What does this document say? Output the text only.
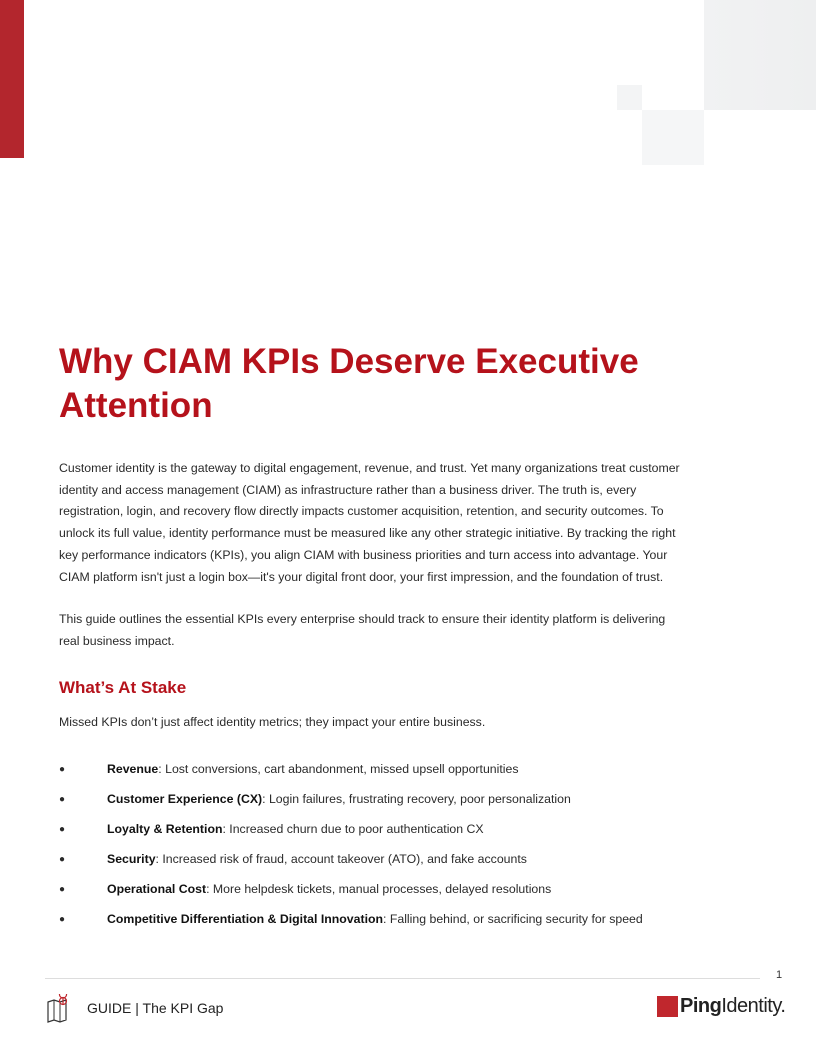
Why CIAM KPIs Deserve Executive Attention
Customer identity is the gateway to digital engagement, revenue, and trust. Yet many organizations treat customer
identity and access management (CIAM) as infrastructure rather than a business driver. The truth is, every
registration, login, and recovery flow directly impacts customer acquisition, retention, and security outcomes. To
unlock its full value, identity performance must be measured like any other strategic initiative. By tracking the right
key performance indicators (KPIs), you align CIAM with business priorities and turn access into advantage. Your
CIAM platform isn't just a login box—it's your digital front door, your first impression, and the foundation of trust.
This guide outlines the essential KPIs every enterprise should track to ensure their identity platform is delivering
real business impact.
What’s At Stake
Missed KPIs don’t just affect identity metrics; they impact your entire business.
●	Revenue: Lost conversions, cart abandonment, missed upsell opportunities
●	Customer Experience (CX): Login failures, frustrating recovery, poor personalization
●	Loyalty & Retention: Increased churn due to poor authentication CX
●	Security: Increased risk of fraud, account takeover (ATO), and fake accounts
●	Operational Cost: More helpdesk tickets, manual processes, delayed resolutions
●	Competitive Differentiation & Digital Innovation: Falling behind, or sacrificing security for speed
1
GUIDE | The KPI Gap	Ping Identity.
